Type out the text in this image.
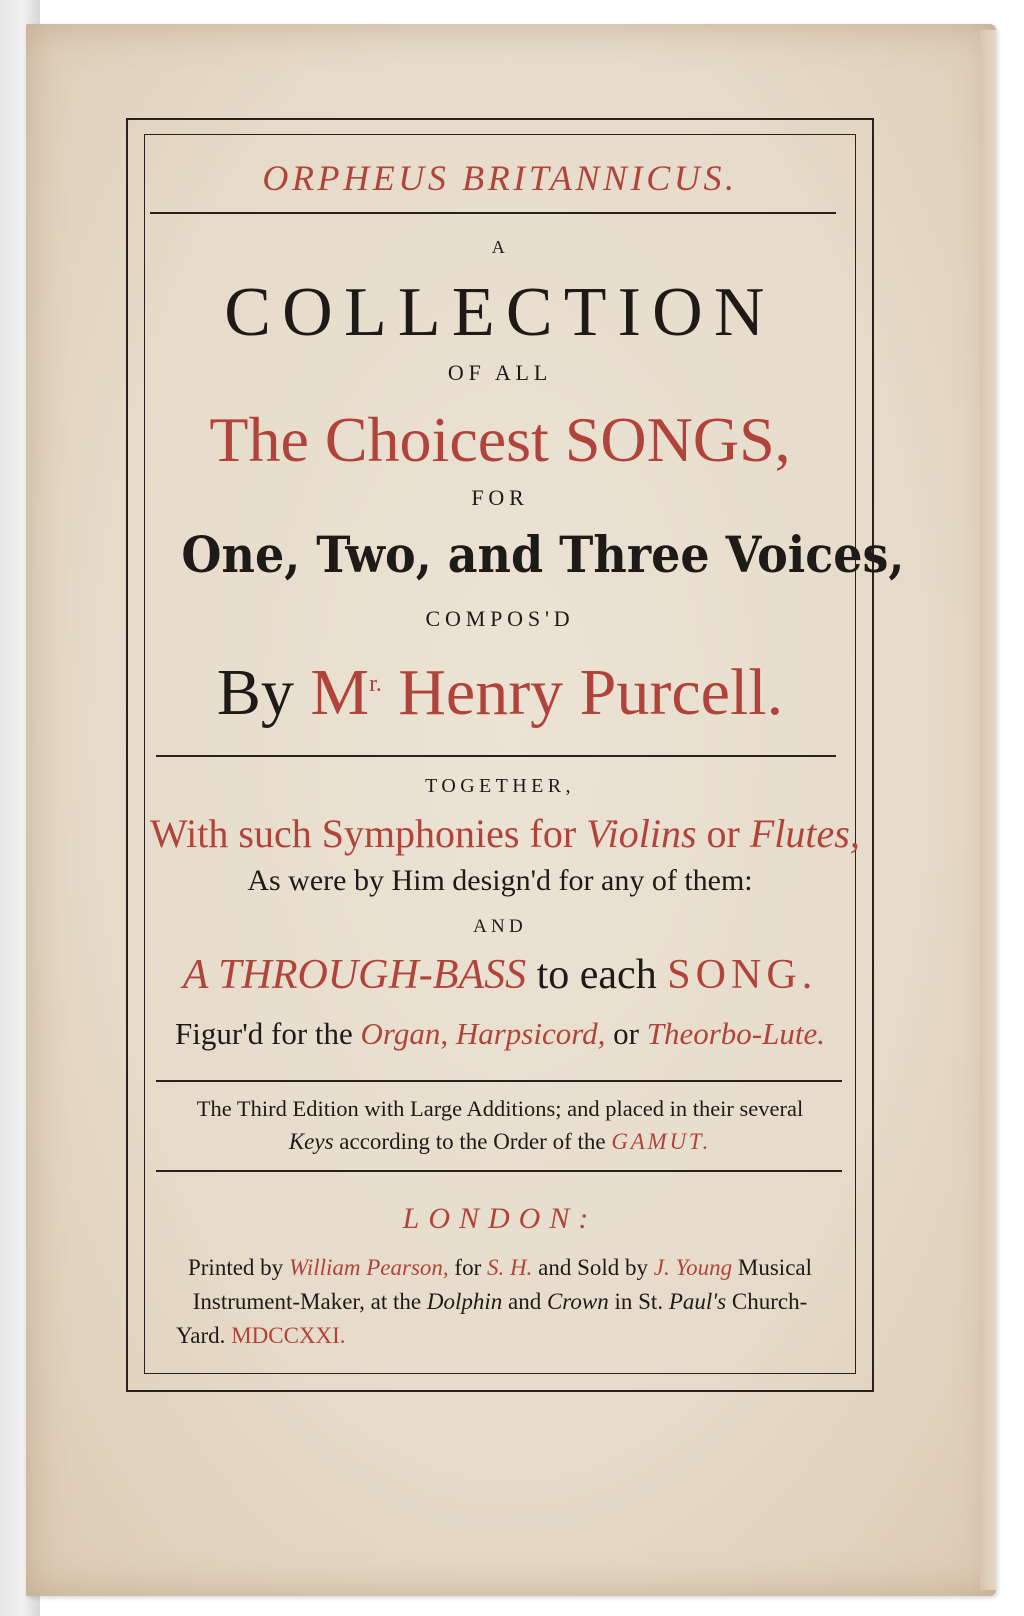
ORPHEUS BRITANNICUS.
A
COLLECTION
OF ALL
The Choicest SONGS,
FOR
One, Two, and Three Voices,
COMPOS'D
By $M^{r.}$ Henry Purcell.
TOGETHER,
With such Symphonies for Violins or Flutes,
As were by Him design'd for any of them:
AND
A THROUGH-BASS to each SONG.
Figur'd for the Organ, Harpsicord, or Theorbo-Lute.
The Third Edition with Large Additions; and placed in their several
Keys according to the Order of the GAMUT.
LONDON:
Printed by William Pearson, for S. H. and Sold by J. Young Musical
Instrument-Maker, at the Dolphin and Crown in St. Paul's Church-
Yard. MDCCXXI.
